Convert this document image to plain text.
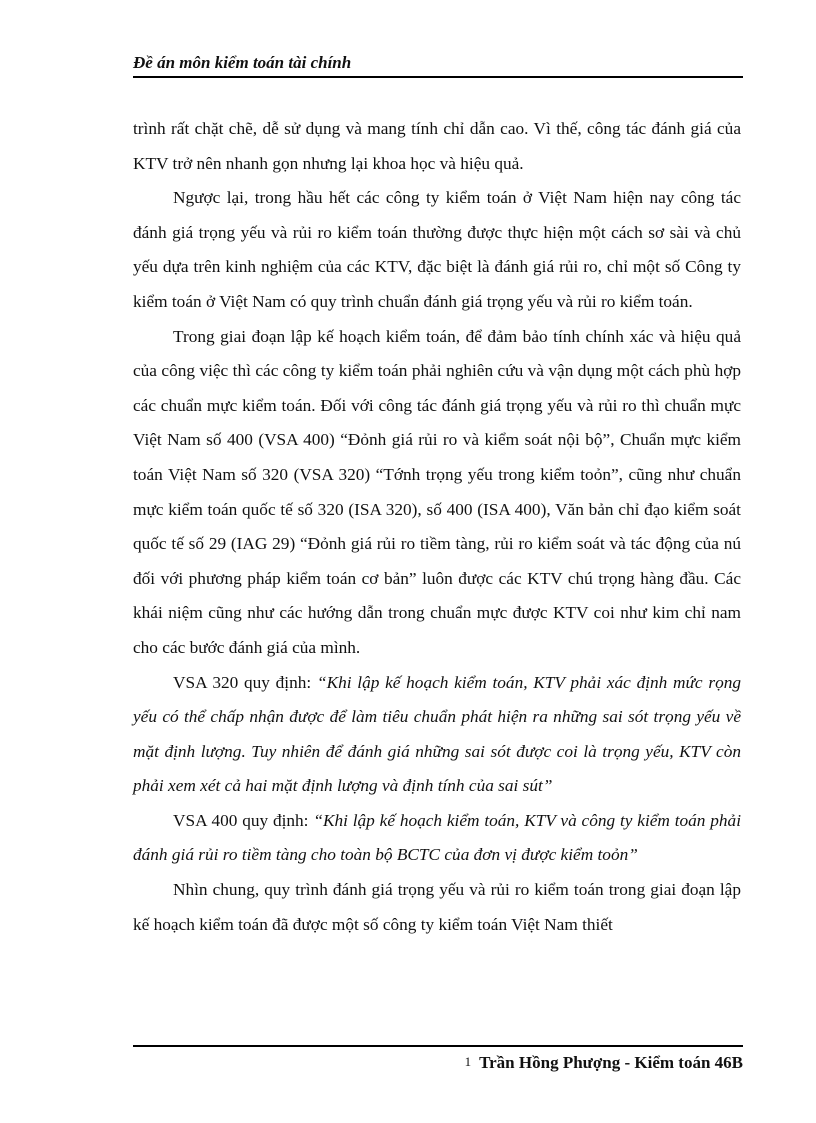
Đề án môn kiểm toán tài chính

trình rất chặt chẽ, dễ sử dụng và mang tính chỉ dẫn cao. Vì thế, công tác đánh giá của KTV trở nên nhanh gọn nhưng lại khoa học và hiệu quả.

Ngược lại, trong hầu hết các công ty kiểm toán ở Việt Nam hiện nay công tác đánh giá trọng yếu và rủi ro kiểm toán thường được thực hiện một cách sơ sài và chủ yếu dựa trên kinh nghiệm của các KTV, đặc biệt là đánh giá rủi ro, chỉ một số Công ty kiểm toán ở Việt Nam có quy trình chuẩn đánh giá trọng yếu và rủi ro kiểm toán.

Trong giai đoạn lập kế hoạch kiểm toán, để đảm bảo tính chính xác và hiệu quả của công việc thì các công ty kiểm toán phải nghiên cứu và vận dụng một cách phù hợp các chuẩn mực kiểm toán. Đối với công tác đánh giá trọng yếu và rủi ro thì chuẩn mực Việt Nam số 400 (VSA 400) “Đỏnh giá rủi ro và kiểm soát nội bộ”, Chuẩn mực kiểm toán Việt Nam số 320 (VSA 320) “Tớnh trọng yếu trong kiểm toỏn”, cũng như chuẩn mực kiểm toán quốc tế số 320 (ISA 320), số 400 (ISA 400), Văn bản chỉ đạo kiểm soát quốc tế số 29 (IAG 29) “Đỏnh giá rủi ro tiềm tàng, rủi ro kiểm soát và tác động của nú đối với phương pháp kiểm toán cơ bản” luôn được các KTV chú trọng hàng đầu. Các khái niệm cũng như các hướng dẫn trong chuẩn mực được KTV coi như kim chỉ nam cho các bước đánh giá của mình.

VSA 320 quy định: “Khi lập kế hoạch kiểm toán, KTV phải xác định mức rọng yếu có thể chấp nhận được để làm tiêu chuẩn phát hiện ra những sai sót trọng yếu về mặt định lượng. Tuy nhiên để đánh giá những sai sót được coi là trọng yếu, KTV còn phải xem xét cả hai mặt định lượng và định tính của sai sút”

VSA 400 quy định: “Khi lập kế hoạch kiểm toán, KTV và công ty kiểm toán phải đánh giá rủi ro tiềm tàng cho toàn bộ BCTC của đơn vị được kiểm toỏn”

Nhìn chung, quy trình đánh giá trọng yếu và rủi ro kiểm toán trong giai đoạn lập kế hoạch kiểm toán đã được một số công ty kiểm toán Việt Nam thiết

1 Trần Hồng Phượng - Kiểm toán 46B
